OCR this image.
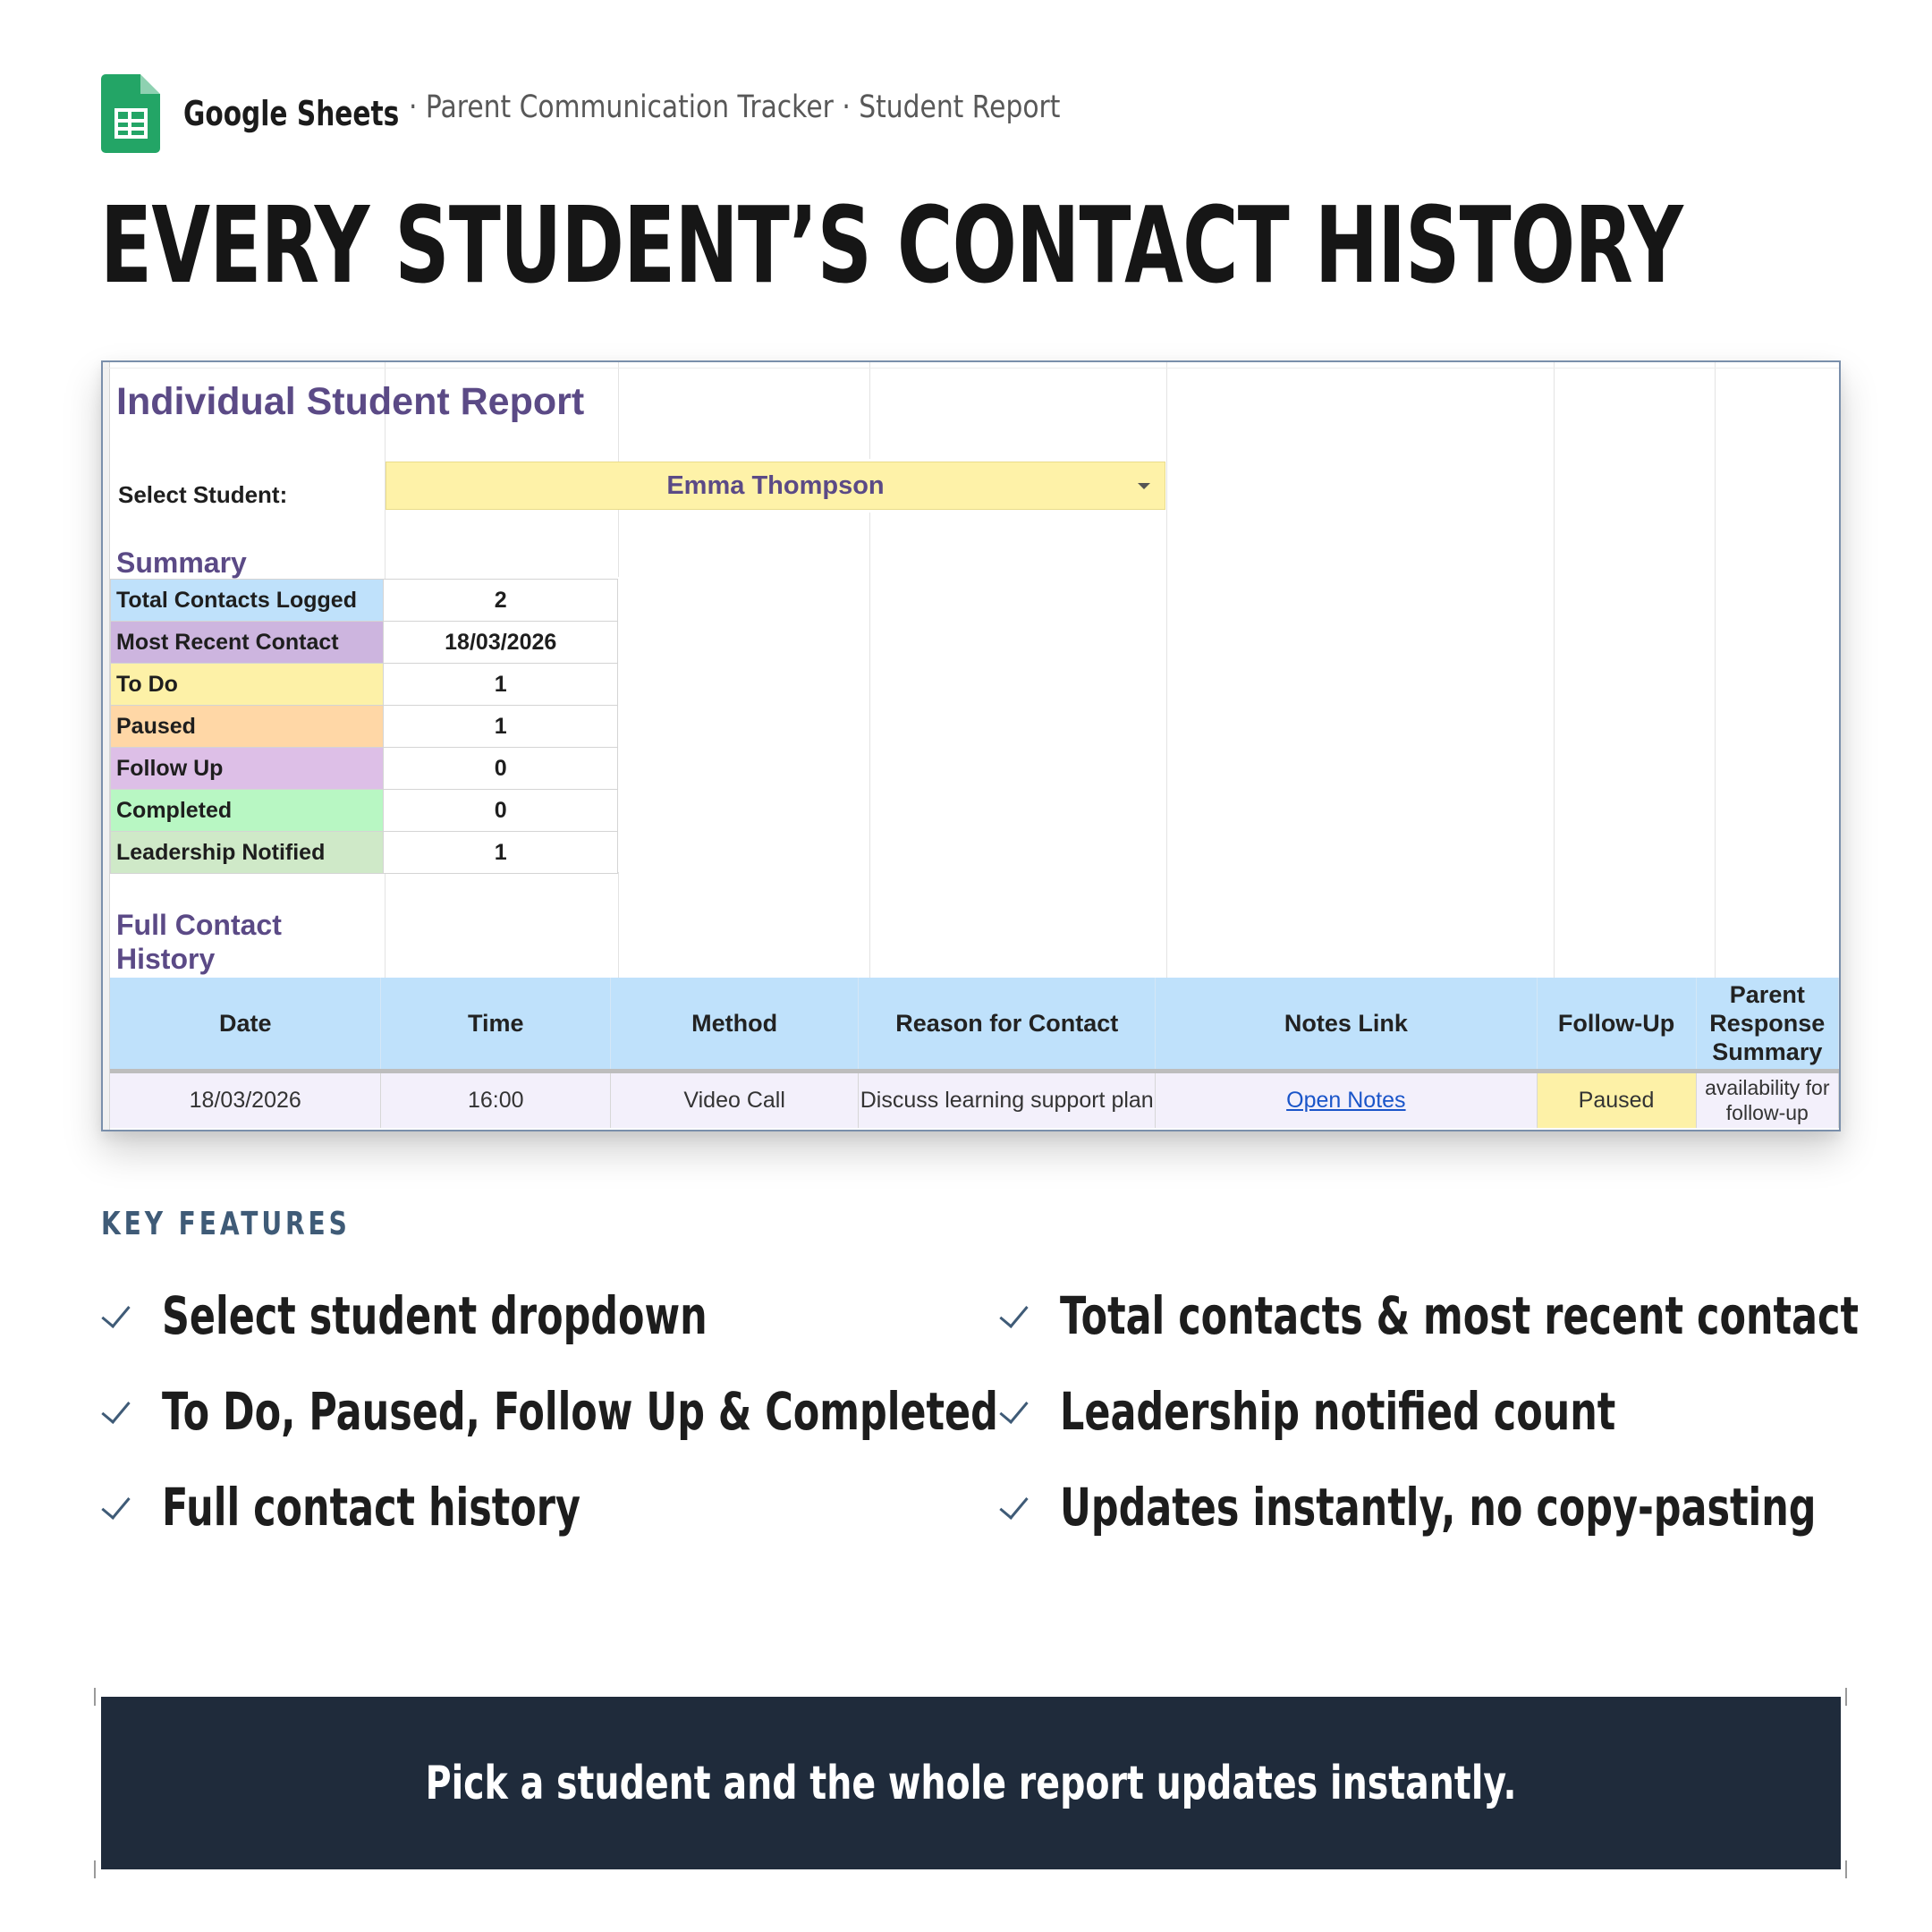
Google Sheets · Parent Communication Tracker · Student Report
EVERY STUDENT’S CONTACT HISTORY
Individual Student Report
Select Student:	Emma Thompson
Summary
Total Contacts Logged	2
Most Recent Contact	18/03/2026
To Do	1
Paused	1
Follow Up	0
Completed	0
Leadership Notified	1
Full Contact History
Date	Time	Method	Reason for Contact	Notes Link	Follow-Up	Parent Response Summary
18/03/2026	16:00	Video Call	Discuss learning support plan	Open Notes	Paused	availability for follow-up
KEY FEATURES
Select student dropdown	Total contacts & most recent contact
To Do, Paused, Follow Up & Completed Leadership notified count
Full contact history	Updates instantly, no copy-pasting
Pick a student and the whole report updates instantly.
